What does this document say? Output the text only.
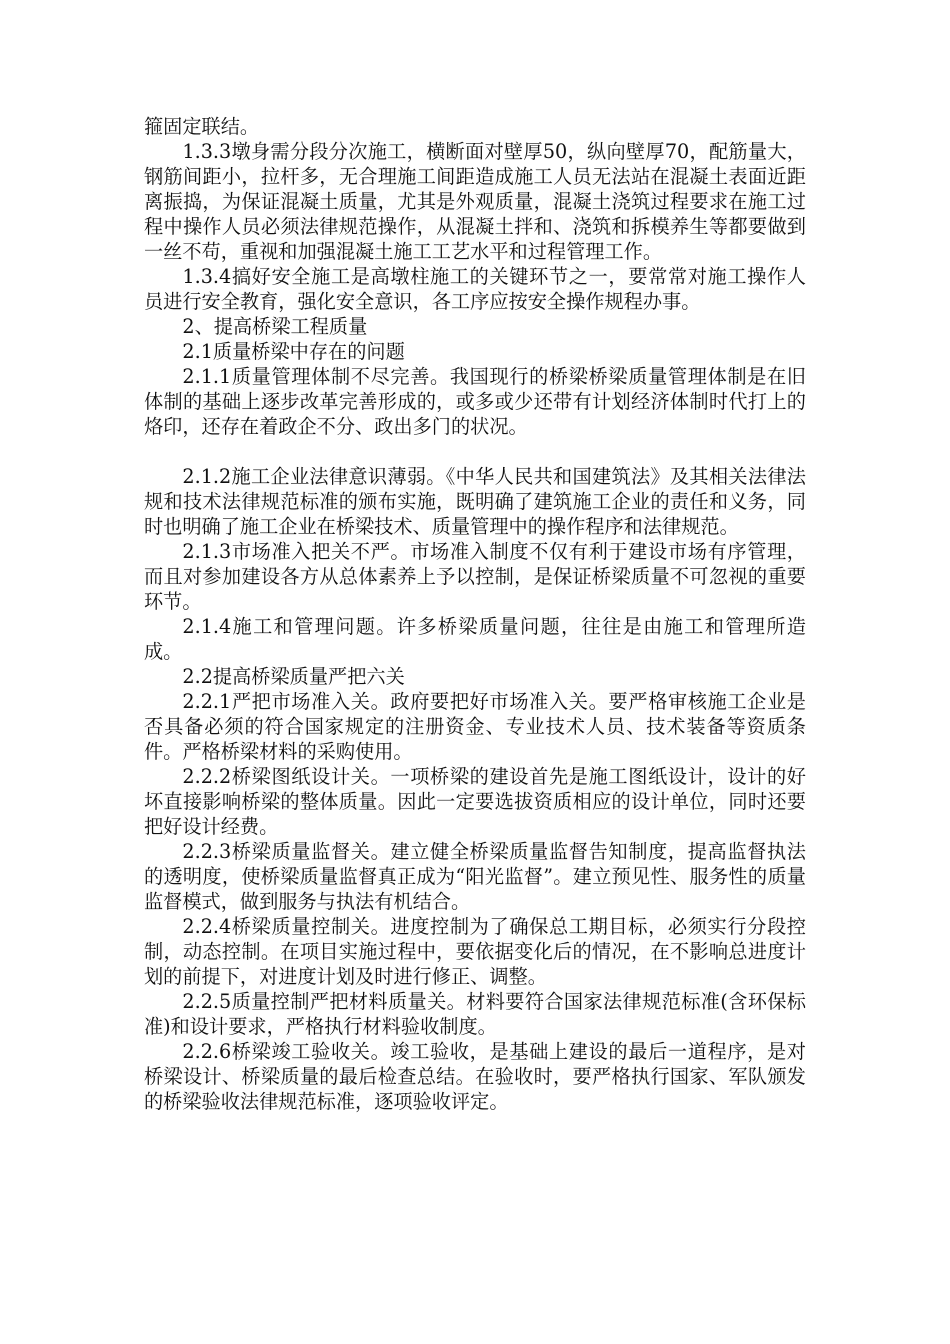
箍固定联结。

1.3.3墩身需分段分次施工，横断面对壁厚50，纵向壁厚70，配筋量大，钢筋间距小，拉杆多，无合理施工间距造成施工人员无法站在混凝土表面近距离振捣，为保证混凝土质量，尤其是外观质量，混凝土浇筑过程要求在施工过程中操作人员必须法律规范操作，从混凝土拌和、浇筑和拆模养生等都要做到一丝不苟，重视和加强混凝土施工工艺水平和过程管理工作。

1.3.4搞好安全施工是高墩柱施工的关键环节之一，要常常对施工操作人员进行安全教育，强化安全意识，各工序应按安全操作规程办事。

2、提高桥梁工程质量

2.1质量桥梁中存在的问题

2.1.1质量管理体制不尽完善。我国现行的桥梁桥梁质量管理体制是在旧体制的基础上逐步改革完善形成的，或多或少还带有计划经济体制时代打上的烙印，还存在着政企不分、政出多门的状况。

2.1.2施工企业法律意识薄弱。《中华人民共和国建筑法》及其相关法律法规和技术法律规范标准的颁布实施，既明确了建筑施工企业的责任和义务，同时也明确了施工企业在桥梁技术、质量管理中的操作程序和法律规范。

2.1.3市场准入把关不严。市场准入制度不仅有利于建设市场有序管理，而且对参加建设各方从总体素养上予以控制，是保证桥梁质量不可忽视的重要环节。

2.1.4施工和管理问题。许多桥梁质量问题，往往是由施工和管理所造成。

2.2提高桥梁质量严把六关

2.2.1严把市场准入关。政府要把好市场准入关。要严格审核施工企业是否具备必须的符合国家规定的注册资金、专业技术人员、技术装备等资质条件。严格桥梁材料的采购使用。

2.2.2桥梁图纸设计关。一项桥梁的建设首先是施工图纸设计，设计的好坏直接影响桥梁的整体质量。因此一定要选拔资质相应的设计单位，同时还要把好设计经费。

2.2.3桥梁质量监督关。建立健全桥梁质量监督告知制度，提高监督执法的透明度，使桥梁质量监督真正成为“阳光监督”。建立预见性、服务性的质量监督模式，做到服务与执法有机结合。

2.2.4桥梁质量控制关。进度控制为了确保总工期目标，必须实行分段控制，动态控制。在项目实施过程中，要依据变化后的情况，在不影响总进度计划的前提下，对进度计划及时进行修正、调整。

2.2.5质量控制严把材料质量关。材料要符合国家法律规范标准(含环保标准)和设计要求，严格执行材料验收制度。

2.2.6桥梁竣工验收关。竣工验收，是基础上建设的最后一道程序，是对桥梁设计、桥梁质量的最后检查总结。在验收时，要严格执行国家、军队颁发的桥梁验收法律规范标准，逐项验收评定。
